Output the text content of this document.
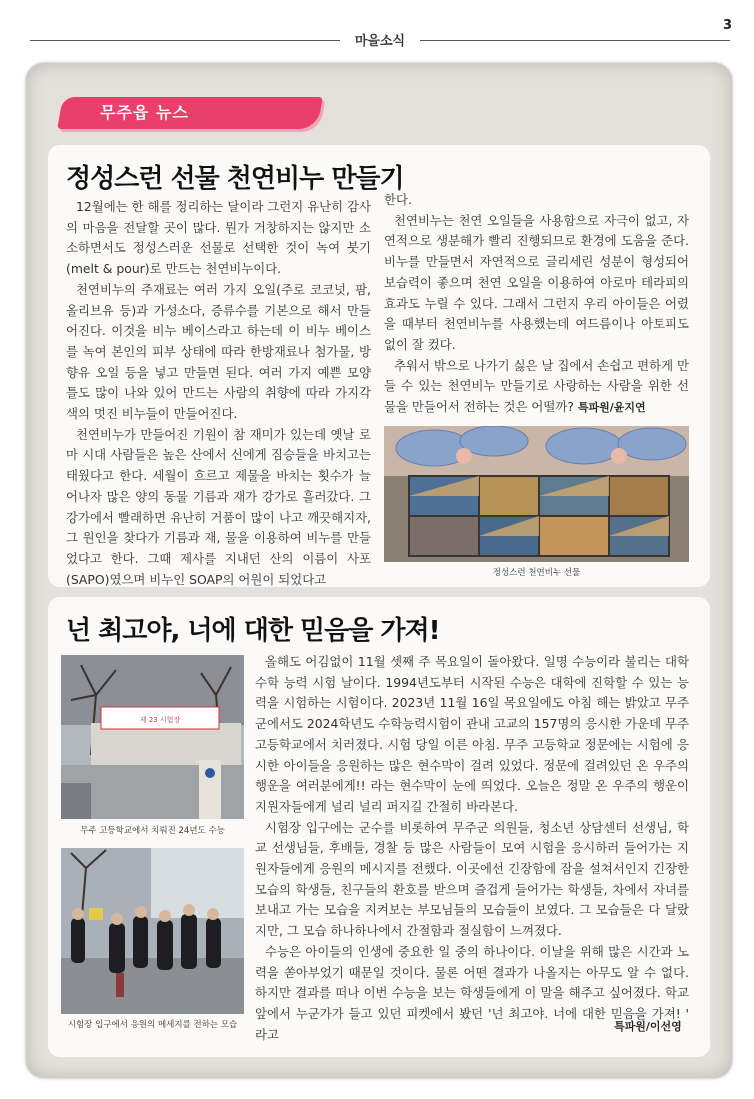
3
마을소식
무주읍 뉴스
정성스런 선물 천연비누 만들기

12월에는 한 해를 정리하는 달이라 그런지 유난히 감사의 마음을 전달할 곳이 많다. 뭔가 거창하지는 않지만 소소하면서도 정성스러운 선물로 선택한 것이 녹여 붓기(melt & pour)로 만드는 천연비누이다.

천연비누의 주재료는 여러 가지 오일(주로 코코넛, 팜, 올리브유 등)과 가성소다, 증류수를 기본으로 해서 만들어진다. 이것을 비누 베이스라고 하는데 이 비누 베이스를 녹여 본인의 피부 상태에 따라 한방재료나 첨가물, 방향유 오일 등을 넣고 만들면 된다. 여러 가지 예쁜 모양 틀도 많이 나와 있어 만드는 사람의 취향에 따라 가지각색의 멋진 비누들이 만들어진다.

천연비누가 만들어진 기원이 참 재미가 있는데 옛날 로마 시대 사람들은 높은 산에서 신에게 짐승들을 바치고는 태웠다고 한다. 세월이 흐르고 제물을 바치는 횟수가 늘어나자 많은 양의 동물 기름과 재가 강가로 흘러갔다. 그 강가에서 빨래하면 유난히 거품이 많이 나고 깨끗해지자, 그 원인을 찾다가 기름과 재, 물을 이용하여 비누를 만들었다고 한다. 그때 제사를 지내던 산의 이름이 사포(SAPO)였으며 비누인 SOAP의 어원이 되었다고

한다.

천연비누는 천연 오일들을 사용함으로 자극이 없고, 자연적으로 생분해가 빨리 진행되므로 환경에 도움을 준다. 비누를 만들면서 자연적으로 글리세린 성분이 형성되어 보습력이 좋으며 천연 오일을 이용하여 아로마 테라피의 효과도 누릴 수 있다. 그래서 그런지 우리 아이들은 어렸을 때부터 천연비누를 사용했는데 여드름이나 아토피도 없이 잘 컸다.

추워서 밖으로 나가기 싫은 날 집에서 손쉽고 편하게 만들 수 있는 천연비누 만들기로 사랑하는 사람을 위한 선물을 만들어서 전하는 것은 어떨까? 특파원/윤지연

정성스런 천연비누 선물
넌 최고야, 너에 대한 믿음을 가져!
제 23 시험장
무주 고등학교에서 치뤄진 24년도 수능
시험장 입구에서 응원의 메세지를 전하는 모습

올해도 어김없이 11월 셋째 주 목요일이 돌아왔다. 일명 수능이라 불리는 대학수학 능력 시험 날이다. 1994년도부터 시작된 수능은 대학에 진학할 수 있는 능력을 시험하는 시험이다. 2023년 11월 16일 목요일에도 아침 해는 밝았고 무주군에서도 2024학년도 수학능력시험이 관내 고교의 157명의 응시한 가운데 무주 고등학교에서 치러졌다. 시험 당일 이른 아침. 무주 고등학교 정문에는 시험에 응시한 아이들을 응원하는 많은 현수막이 걸려 있었다. 정문에 걸려있던 온 우주의 행운을 여러분에게!! 라는 현수막이 눈에 띄었다. 오늘은 정말 온 우주의 행운이 지원자들에게 널리 널리 퍼지길 간절히 바라본다.

시험장 입구에는 군수를 비롯하여 무주군 의원들, 청소년 상담센터 선생님, 학교 선생님들, 후배들, 경찰 등 많은 사람들이 모여 시험을 응시하러 들어가는 지원자들에게 응원의 메시지를 전했다. 이곳에선 긴장함에 잠을 설쳐서인지 긴장한 모습의 학생들, 친구들의 환호를 받으며 즐겁게 들어가는 학생들, 차에서 자녀를 보내고 가는 모습을 지켜보는 부모님들의 모습들이 보였다. 그 모습들은 다 달랐지만, 그 모습 하나하나에서 간절함과 절실함이 느껴졌다.

수능은 아이들의 인생에 중요한 일 중의 하나이다. 이날을 위해 많은 시간과 노력을 쏟아부었기 때문일 것이다. 물론 어떤 결과가 나올지는 아무도 알 수 없다. 하지만 결과를 떠나 이번 수능을 보는 학생들에게 이 말을 해주고 싶어졌다. 학교 앞에서 누군가가 들고 있던 피켓에서 봤던 '넌 최고야. 너에 대한 믿음을 가져! ' 라고

특파원/이선영
